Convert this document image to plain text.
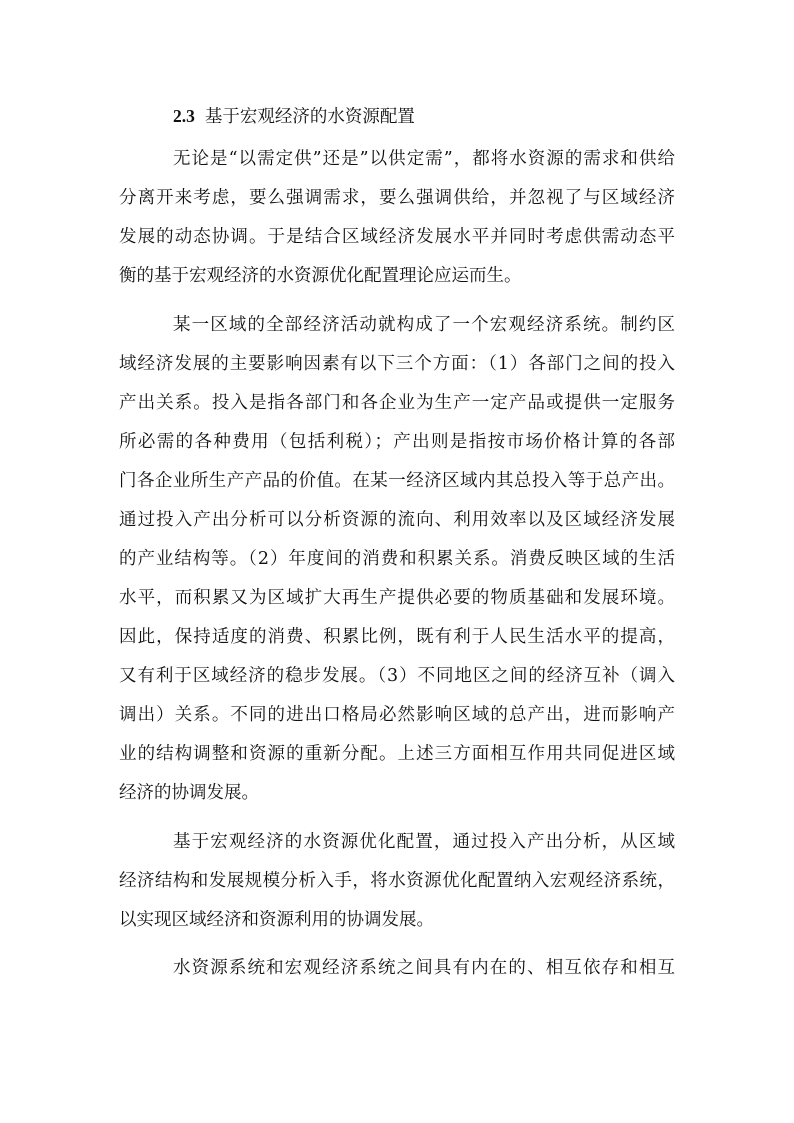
2.3 基于宏观经济的水资源配置
无论是“以需定供”还是”以供定需”，都将水资源的需求和供给
分离开来考虑，要么强调需求，要么强调供给，并忽视了与区域经济
发展的动态协调。于是结合区域经济发展水平并同时考虑供需动态平
衡的基于宏观经济的水资源优化配置理论应运而生。
某一区域的全部经济活动就构成了一个宏观经济系统。制约区
域经济发展的主要影响因素有以下三个方面：（1）各部门之间的投入
产出关系。投入是指各部门和各企业为生产一定产品或提供一定服务
所必需的各种费用（包括利税）；产出则是指按市场价格计算的各部
门各企业所生产产品的价值。在某一经济区域内其总投入等于总产出。
通过投入产出分析可以分析资源的流向、利用效率以及区域经济发展
的产业结构等。（2）年度间的消费和积累关系。消费反映区域的生活
水平，而积累又为区域扩大再生产提供必要的物质基础和发展环境。
因此，保持适度的消费、积累比例，既有利于人民生活水平的提高，
又有利于区域经济的稳步发展。（3）不同地区之间的经济互补（调入
调出）关系。不同的进出口格局必然影响区域的总产出，进而影响产
业的结构调整和资源的重新分配。上述三方面相互作用共同促进区域
经济的协调发展。
基于宏观经济的水资源优化配置，通过投入产出分析，从区域
经济结构和发展规模分析入手，将水资源优化配置纳入宏观经济系统，
以实现区域经济和资源利用的协调发展。
水资源系统和宏观经济系统之间具有内在的、相互依存和相互
